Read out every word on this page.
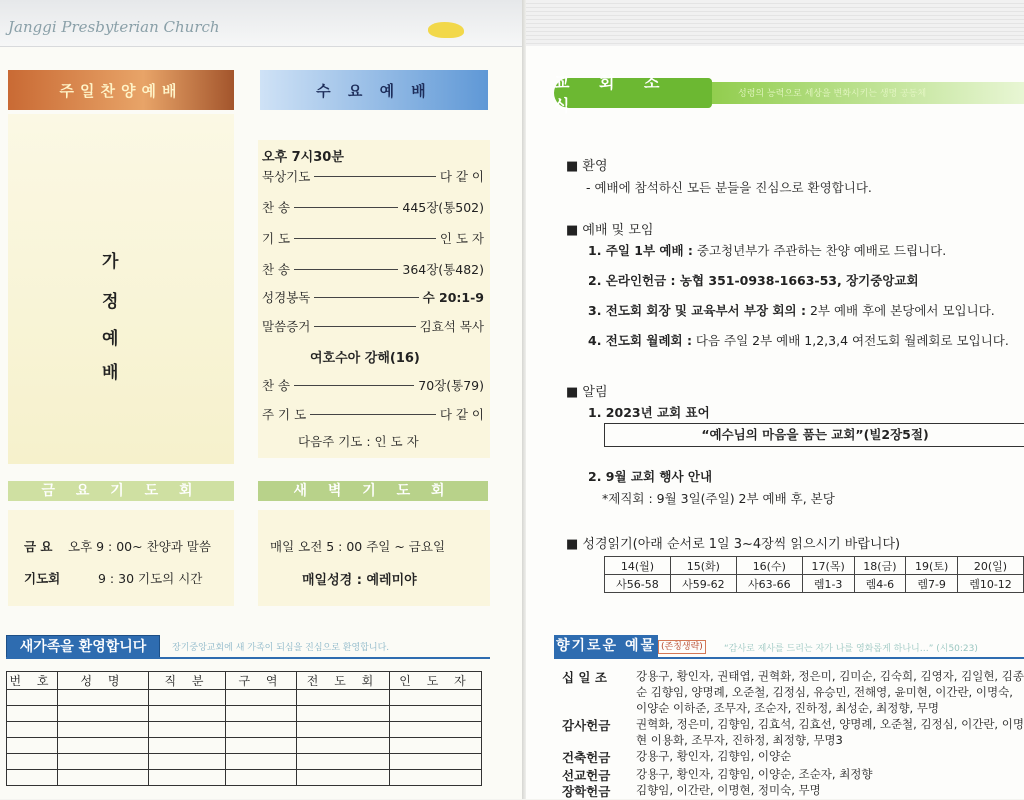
Janggi Presbyterian Church
주일찬양예배	수 요 예 배
가
정
예
배
오후 7시30분
묵상기도	다 같 이
찬 송	445장(통502)
기 도	인 도 자
찬 송	364장(통482)
성경봉독	수 20:1-9
말씀증거	김효석 목사
여호수아 강해(16)
찬 송	70장(통79)
주 기 도	다 같 이
다음주 기도 : 인 도 자
금 요 기 도 회	새 벽 기 도 회
금 요 오후 9 : 00~ 찬양과 말씀
기도회	9 : 30 기도의 시간
매일 오전 5 : 00 주일 ~ 금요일
매일성경 : 예레미야
새가족을 환영합니다	장기중앙교회에 새 가족이 되심을 진심으로 환영합니다.
번 호	성 명	직 분	구 역	전 도 회	인 도 자

교 회 소 식
성령의 능력으로 세상을 변화시키는 생명 공동체
■ 환영
- 예배에 참석하신 모든 분들을 진심으로 환영합니다.
■ 예배 및 모임
1. 주일 1부 예배 : 중고청년부가 주관하는 찬양 예배로 드립니다.
2. 온라인헌금 : 농협 351-0938-1663-53, 장기중앙교회
3. 전도회 회장 및 교육부서 부장 회의 : 2부 예배 후에 본당에서 모입니다.
4. 전도회 월례회 : 다음 주일 2부 예배 1,2,3,4 여전도회 월례회로 모입니다.
■ 알림
1. 2023년 교회 표어
“예수님의 마음을 품는 교회”(빌2장5절)
2. 9월 교회 행사 안내
*제직회 : 9월 3일(주일) 2부 예배 후, 본당
■ 성경읽기(아래 순서로 1일 3~4장씩 읽으시기 바랍니다)
14(월)	15(화)	16(수)	17(목)	18(금)	19(토)	20(일)
사56-58	사59-62	사63-66	렘1-3	렘4-6	렘7-9	렘10-12
향기로운 예물 (존칭생략)	“감사로 제사를 드리는 자가 나를 영화롭게 하나니…” (시50:23)
십 일 조	강용구, 황인자, 권태엽, 권혁화, 정은미, 김미순, 김숙희, 김영자, 김일현, 김종순 김향임, 양명례, 오준철, 김정심, 유승민, 전해영, 윤미현, 이간란, 이명숙, 이양순 이하준, 조무자, 조순자, 진하정, 최성순, 최정향, 무명
감사헌금	권혁화, 정은미, 김향임, 김효석, 김효선, 양명례, 오준철, 김정심, 이간란, 이명현 이용화, 조무자, 진하정, 최정향, 무명3
건축헌금	강용구, 황인자, 김향임, 이양순
선교헌금	강용구, 황인자, 김향임, 이양순, 조순자, 최정향
장학헌금	김향임, 이간란, 이명현, 정미숙, 무명
